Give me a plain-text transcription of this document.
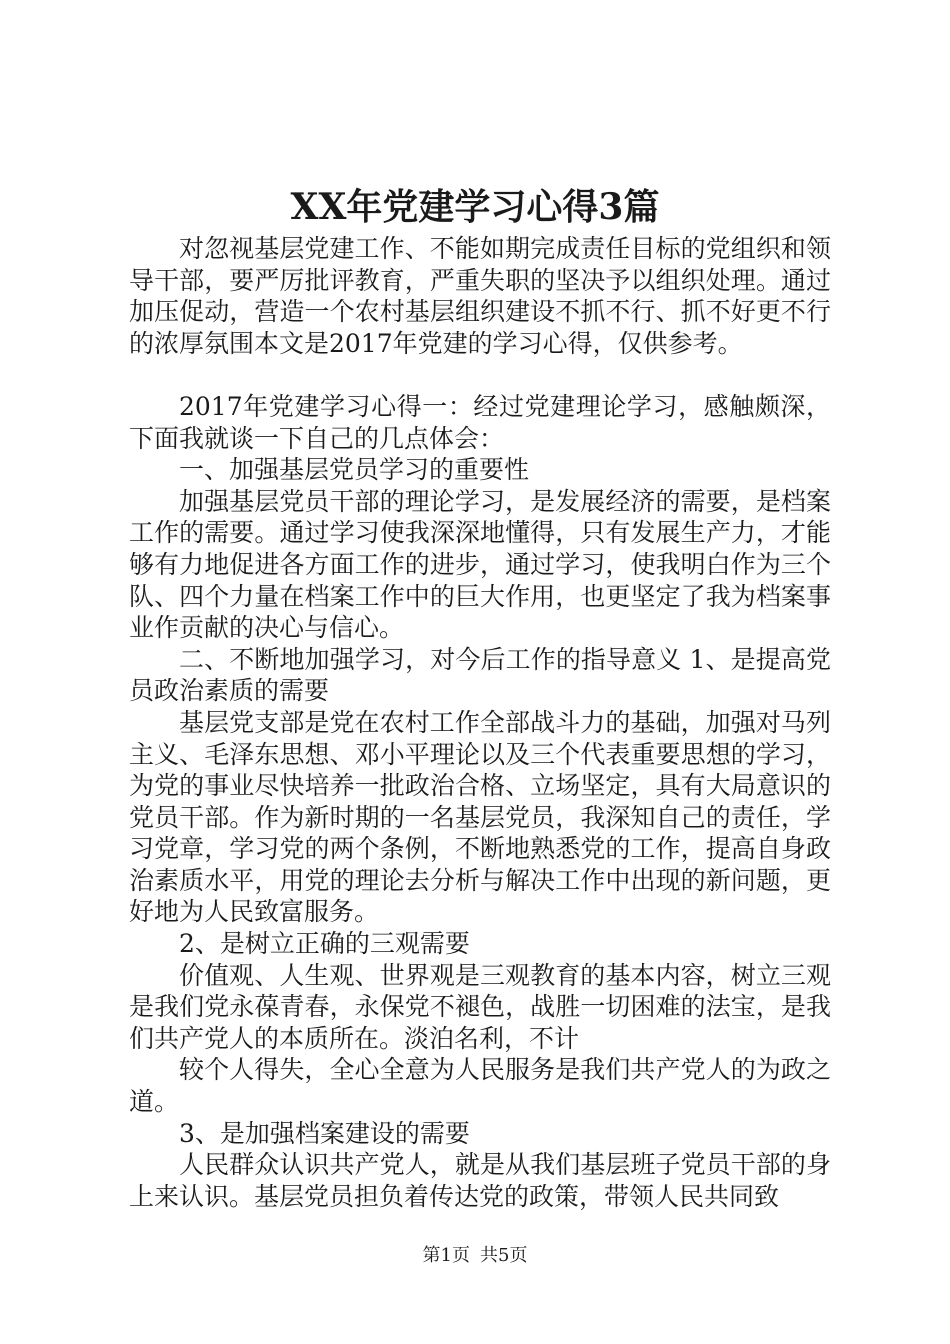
XX年党建学习心得3篇

对忽视基层党建工作、不能如期完成责任目标的党组织和领导干部，要严厉批评教育，严重失职的坚决予以组织处理。通过加压促动，营造一个农村基层组织建设不抓不行、抓不好更不行的浓厚氛围本文是2017年党建的学习心得，仅供参考。

2017年党建学习心得一：经过党建理论学习，感触颇深，下面我就谈一下自己的几点体会：

一、加强基层党员学习的重要性

加强基层党员干部的理论学习，是发展经济的需要，是档案工作的需要。通过学习使我深深地懂得，只有发展生产力，才能够有力地促进各方面工作的进步，通过学习，使我明白作为三个队、四个力量在档案工作中的巨大作用，也更坚定了我为档案事业作贡献的决心与信心。

二、不断地加强学习，对今后工作的指导意义 1、是提高党员政治素质的需要

基层党支部是党在农村工作全部战斗力的基础，加强对马列主义、毛泽东思想、邓小平理论以及三个代表重要思想的学习，为党的事业尽快培养一批政治合格、立场坚定，具有大局意识的党员干部。作为新时期的一名基层党员，我深知自己的责任，学习党章，学习党的两个条例，不断地熟悉党的工作，提高自身政治素质水平，用党的理论去分析与解决工作中出现的新问题，更好地为人民致富服务。

2、是树立正确的三观需要

价值观、人生观、世界观是三观教育的基本内容，树立三观是我们党永葆青春，永保党不褪色，战胜一切困难的法宝，是我们共产党人的本质所在。淡泊名利，不计

较个人得失，全心全意为人民服务是我们共产党人的为政之道。

3、是加强档案建设的需要

人民群众认识共产党人，就是从我们基层班子党员干部的身上来认识。基层党员担负着传达党的政策，带领人民共同致

第1页 共5页
